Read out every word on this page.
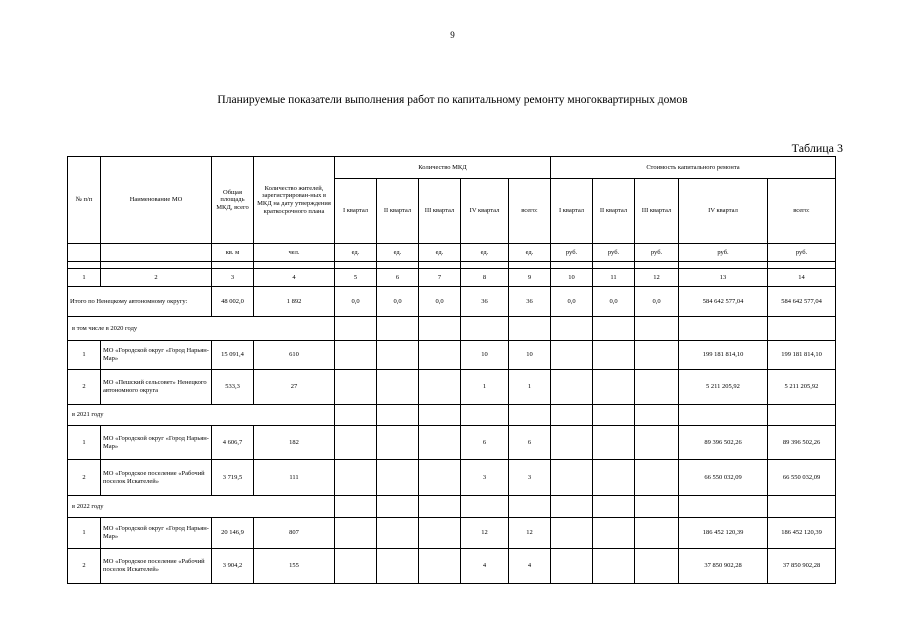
9
Планируемые показатели выполнения работ по капитальному ремонту многоквартирных домов
Таблица 3
№ п/п	Наименование МО	Общая площадь МКД, всего	Количество жителей, зарегистрирован-ных в МКД на дату утверждения краткосрочного плана	Количество МКД					Стоимость капитального ремонта				
				I квартал	II квартал	III квартал	IV квартал	всего:	I квартал	II квартал	III квартал	IV квартал	всего:
		кв. м	чел.	ед.	ед.	ед.	ед.	ед.	руб.	руб.	руб.	руб.	руб.

1	2	3	4	5	6	7	8	9	10	11	12	13	14
Итого по Ненецкому автономному округу:		48 002,0	1 892	0,0	0,0	0,0	36	36	0,0	0,0	0,0	584 642 577,04	584 642 577,04
в том числе в 2020 году													
1	МО «Городской округ «Город Нарьян-Мар»	15 091,4	610				10	10				199 181 814,10	199 181 814,10
2	МО «Пешский сельсовет» Ненецкого автономного округа	533,3	27				1	1				5 211 205,92	5 211 205,92
в 2021 году													
1	МО «Городской округ «Город Нарьян-Мар»	4 606,7	182				6	6				89 396 502,26	89 396 502,26
2	МО «Городское поселение «Рабочий поселок Искателей»	3 719,5	111				3	3				66 550 032,09	66 550 032,09
в 2022 году													
1	МО «Городской округ «Город Нарьян-Мар»	20 146,9	807				12	12				186 452 120,39	186 452 120,39
2	МО «Городское поселение «Рабочий поселок Искателей»	3 904,2	155				4	4				37 850 902,28	37 850 902,28
